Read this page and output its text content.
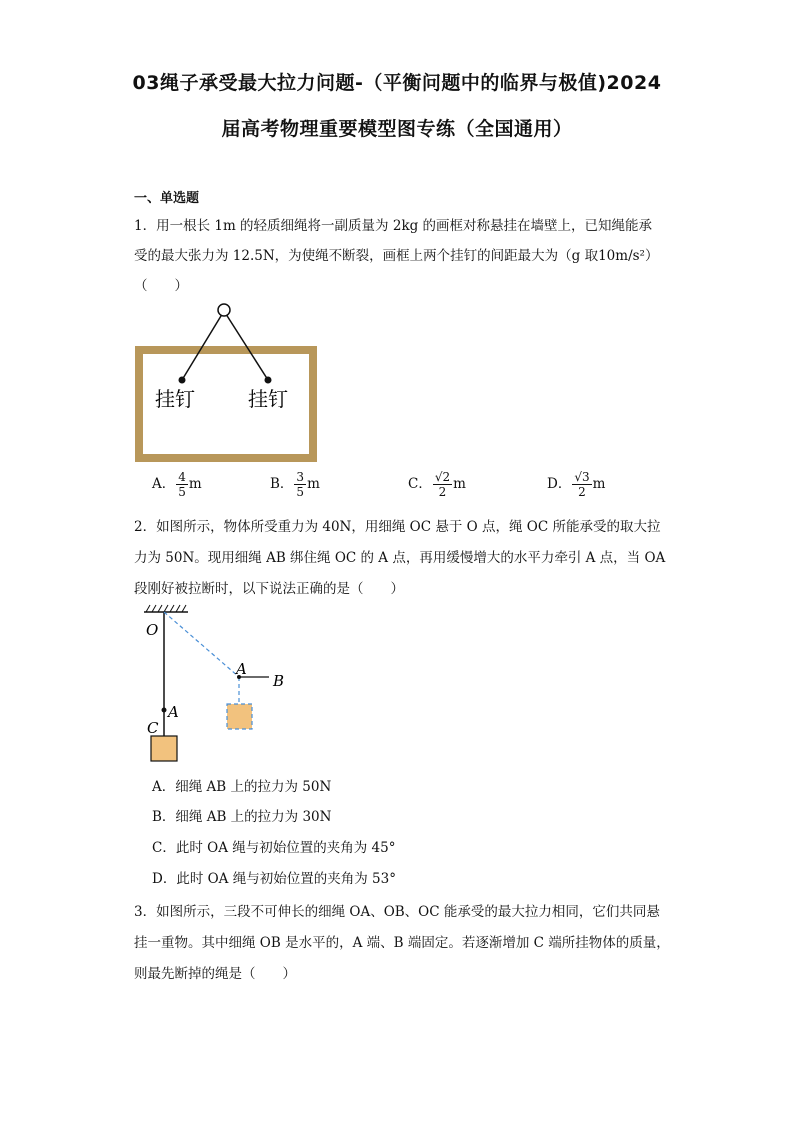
03绳子承受最大拉力问题-（平衡问题中的临界与极值)2024
届高考物理重要模型图专练（全国通用）
一、单选题
1．用一根长 1m 的轻质细绳将一副质量为 2kg 的画框对称悬挂在墙壁上，已知绳能承
受的最大张力为 12.5N，为使绳不断裂，画框上两个挂钉的间距最大为（g 取10m/s²）
（　　）
挂钉	挂钉
A． $\frac{4}{5}$ m	B． $\frac{3}{5}$ m	C． $\frac{√2}{2}$ m	D． $\frac{√3}{2}$ m
2．如图所示，物体所受重力为 40N，用细绳 OC 悬于 O 点，绳 OC 所能承受的取大拉
力为 50N。现用细绳 AB 绑住绳 OC 的 A 点，再用缓慢增大的水平力牵引 A 点，当 OA
段刚好被拉断时，以下说法正确的是（　　）
O
A
C
A
B
A．细绳 AB 上的拉力为 50N
B．细绳 AB 上的拉力为 30N
C．此时 OA 绳与初始位置的夹角为 45°
D．此时 OA 绳与初始位置的夹角为 53°
3．如图所示，三段不可伸长的细绳 OA、OB、OC 能承受的最大拉力相同，它们共同悬
挂一重物。其中细绳 OB 是水平的，A 端、B 端固定。若逐渐增加 C 端所挂物体的质量，
则最先断掉的绳是（　　）
